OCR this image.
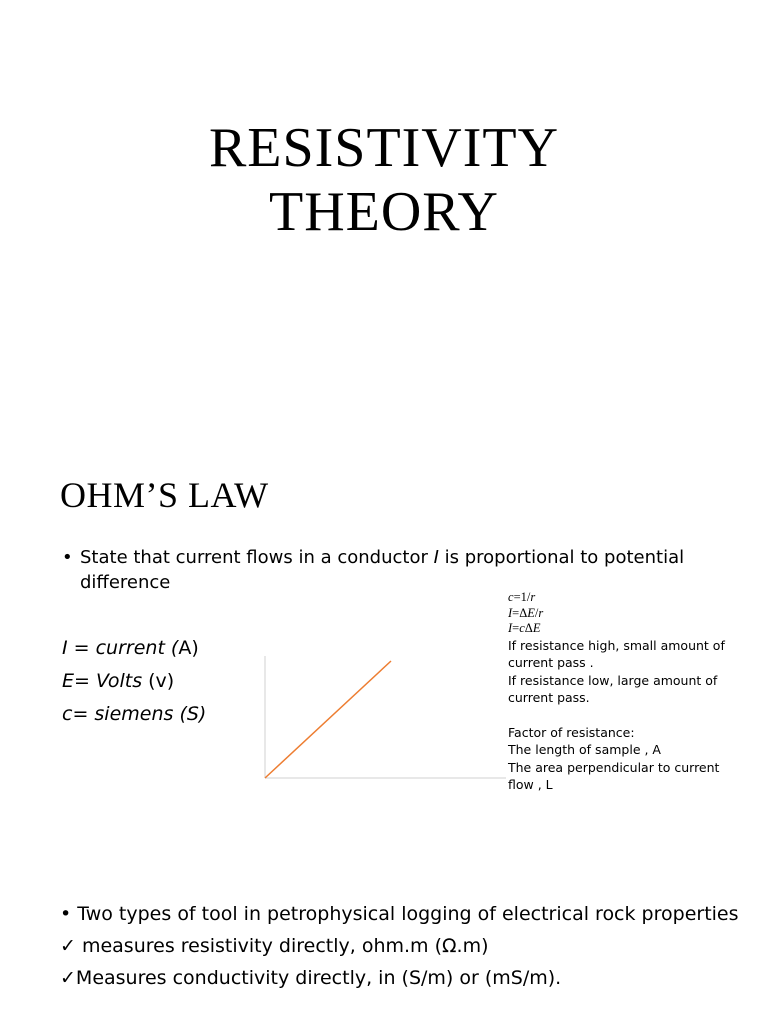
RESISTIVITY
THEORY
OHM’S LAW
• State that current flows in a conductor I is proportional to potential difference
I = current (A)
E= Volts (v)
c= siemens (S)
c=1/r
I=ΔE/r
I=cΔE
If resistance high, small amount of current pass .
If resistance low, large amount of current pass.
Factor of resistance:
The length of sample , A
The area perpendicular to current flow , L
• Two types of tool in petrophysical logging of electrical rock properties
✓ measures resistivity directly, ohm.m (Ω.m)
✓Measures conductivity directly, in (S/m) or (mS/m).
